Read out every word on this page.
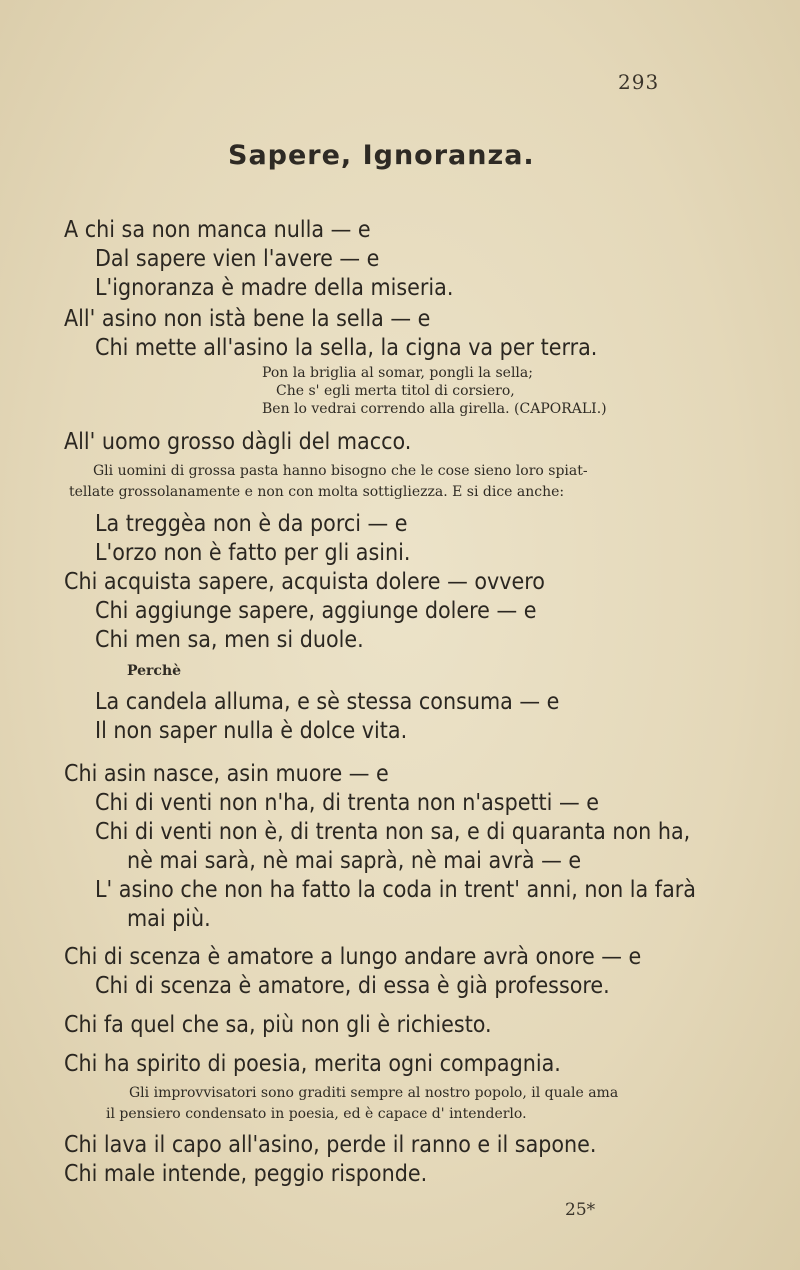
293
Sapere, Ignoranza.
A chi sa non manca nulla — e
Dal sapere vien l'avere — e
L'ignoranza è madre della miseria.
All' asino non istà bene la sella — e
Chi mette all'asino la sella, la cigna va per terra.
Pon la briglia al somar, pongli la sella;
Che s' egli merta titol di corsiero,
Ben lo vedrai correndo alla girella. (CAPORALI.)
All' uomo grosso dàgli del macco.
Gli uomini di grossa pasta hanno bisogno che le cose sieno loro spiat-
tellate grossolanamente e non con molta sottigliezza. E si dice anche:
La treggèa non è da porci — e
L'orzo non è fatto per gli asini.
Chi acquista sapere, acquista dolere — ovvero
Chi aggiunge sapere, aggiunge dolere — e
Chi men sa, men si duole.
Perchè
La candela alluma, e sè stessa consuma — e
Il non saper nulla è dolce vita.
Chi asin nasce, asin muore — e
Chi di venti non n'ha, di trenta non n'aspetti — e
Chi di venti non è, di trenta non sa, e di quaranta non ha,
nè mai sarà, nè mai saprà, nè mai avrà — e
L' asino che non ha fatto la coda in trent' anni, non la farà
mai più.
Chi di scenza è amatore a lungo andare avrà onore — e
Chi di scenza è amatore, di essa è già professore.
Chi fa quel che sa, più non gli è richiesto.
Chi ha spirito di poesia, merita ogni compagnia.
Gli improvvisatori sono graditi sempre al nostro popolo, il quale ama
il pensiero condensato in poesia, ed è capace d' intenderlo.
Chi lava il capo all'asino, perde il ranno e il sapone.
Chi male intende, peggio risponde.
25*
